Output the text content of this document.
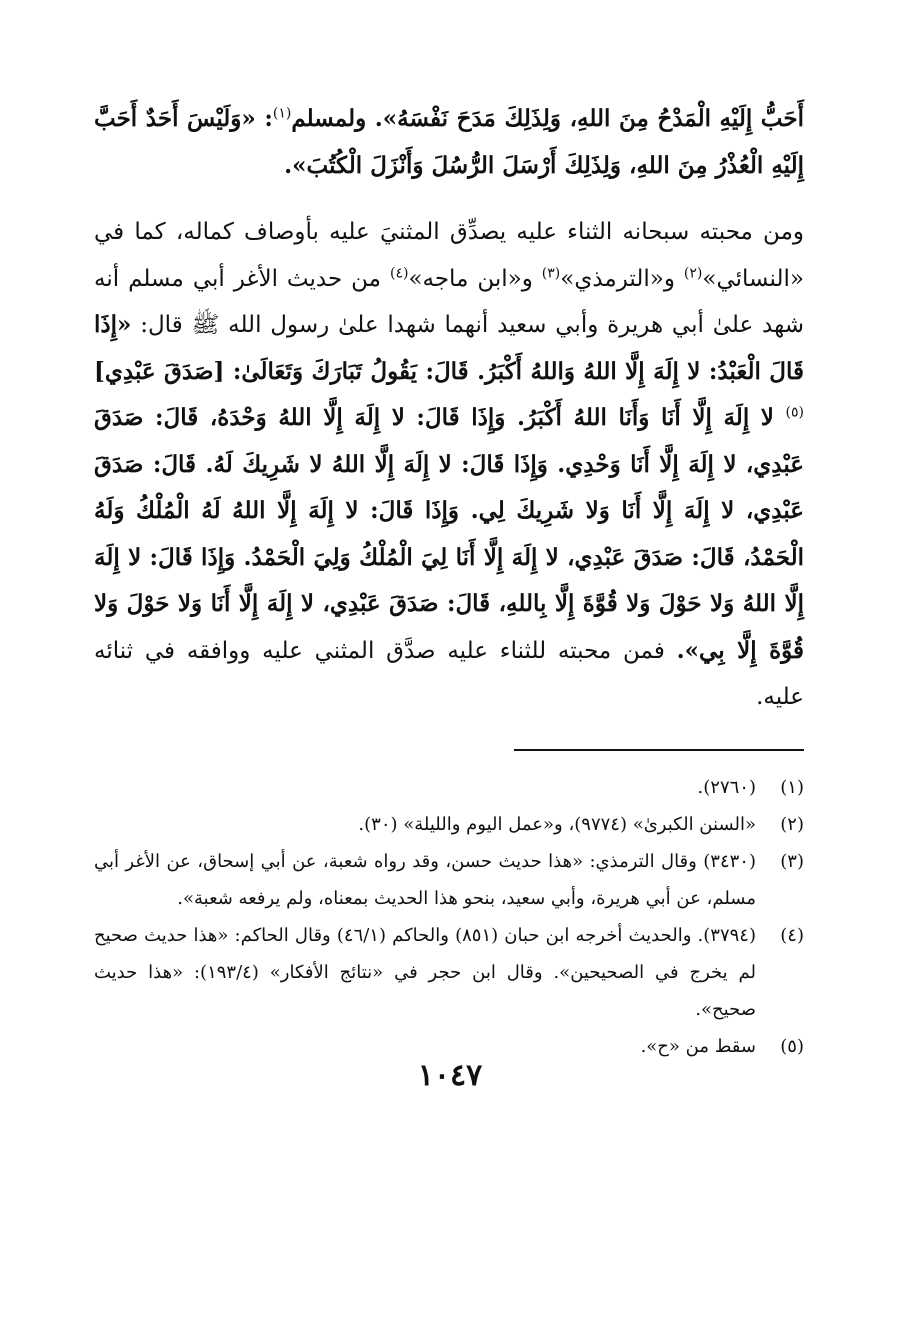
أَحَبُّ إِلَيْهِ الْمَدْحُ مِنَ اللهِ، وَلِذَلِكَ مَدَحَ نَفْسَهُ». ولمسلم$^{(١)}$: «وَلَيْسَ أَحَدٌ أَحَبَّ إِلَيْهِ الْعُذْرُ مِنَ اللهِ، وَلِذَلِكَ أَرْسَلَ الرُّسُلَ وَأَنْزَلَ الْكُتُبَ».

ومن محبته سبحانه الثناء عليه يصدِّق المثنيَ عليه بأوصاف كماله، كما في «النسائي»$^{(٢)}$ و«الترمذي»$^{(٣)}$ و«ابن ماجه»$^{(٤)}$ من حديث الأغر أبي مسلم أنه شهد علىٰ أبي هريرة وأبي سعيد أنهما شهدا علىٰ رسول الله ﷺ قال: «إِذَا قَالَ الْعَبْدُ: لا إِلَهَ إِلَّا اللهُ وَاللهُ أَكْبَرُ. قَالَ: يَقُولُ تَبَارَكَ وَتَعَالَىٰ: [صَدَقَ عَبْدِي]$^{(٥)}$ لا إِلَهَ إِلَّا أَنَا وَأَنَا اللهُ أَكْبَرُ. وَإِذَا قَالَ: لا إِلَهَ إِلَّا اللهُ وَحْدَهُ، قَالَ: صَدَقَ عَبْدِي، لا إِلَهَ إِلَّا أَنَا وَحْدِي. وَإِذَا قَالَ: لا إِلَهَ إِلَّا اللهُ لا شَرِيكَ لَهُ. قَالَ: صَدَقَ عَبْدِي، لا إِلَهَ إِلَّا أَنَا وَلا شَرِيكَ لِي. وَإِذَا قَالَ: لا إِلَهَ إِلَّا اللهُ لَهُ الْمُلْكُ وَلَهُ الْحَمْدُ، قَالَ: صَدَقَ عَبْدِي، لا إِلَهَ إِلَّا أَنَا لِيَ الْمُلْكُ وَلِيَ الْحَمْدُ. وَإِذَا قَالَ: لا إِلَهَ إِلَّا اللهُ وَلا حَوْلَ وَلا قُوَّةَ إِلَّا بِاللهِ، قَالَ: صَدَقَ عَبْدِي، لا إِلَهَ إِلَّا أَنَا وَلا حَوْلَ وَلا قُوَّةَ إِلَّا بِي». فمن محبته للثناء عليه صدَّق المثني عليه ووافقه في ثنائه عليه.

(١)
(٢٧٦٠).
(٢)
«السنن الكبرىٰ» (٩٧٧٤)، و«عمل اليوم والليلة» (٣٠).
(٣)
(٣٤٣٠) وقال الترمذي: «هذا حديث حسن، وقد رواه شعبة، عن أبي إسحاق، عن الأغر أبي مسلم، عن أبي هريرة، وأبي سعيد، بنحو هذا الحديث بمعناه، ولم يرفعه شعبة».
(٤)
(٣٧٩٤). والحديث أخرجه ابن حبان (٨٥١) والحاكم (٤٦/١) وقال الحاكم: «هذا حديث صحيح لم يخرج في الصحيحين». وقال ابن حجر في «نتائج الأفكار» (١٩٣/٤): «هذا حديث صحيح».
(٥)
سقط من «ح».
١٠٤٧
